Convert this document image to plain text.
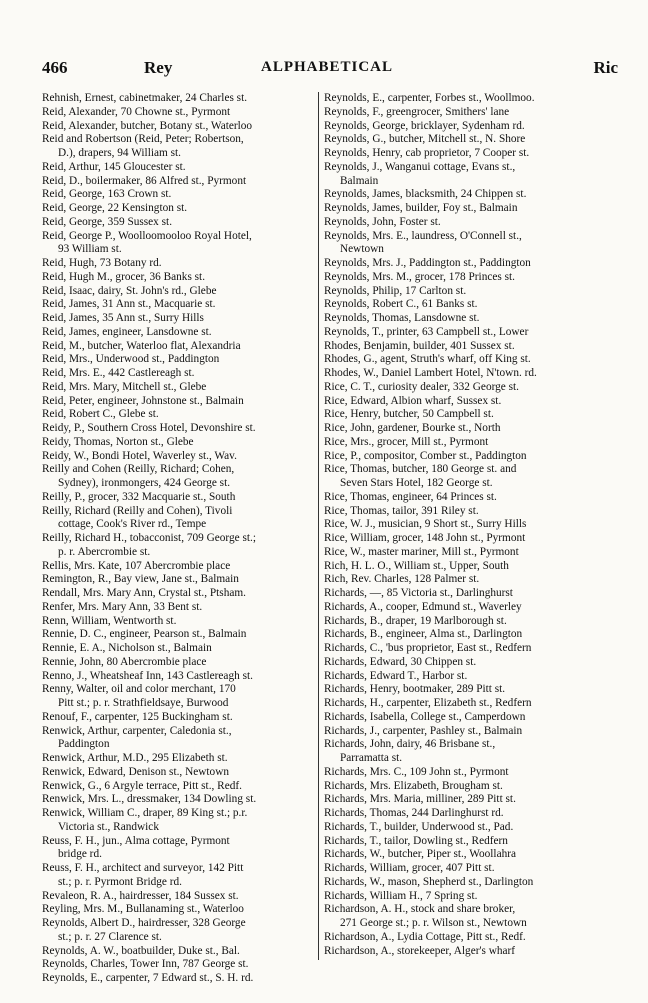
466	Rey	ALPHABETICAL	Ric
Rehnish, Ernest, cabinetmaker, 24 Charles st.
Reid, Alexander, 70 Chowne st., Pyrmont
Reid, Alexander, butcher, Botany st., Waterloo
Reid and Robertson (Reid, Peter; Robertson,
D.), drapers, 94 William st.
Reid, Arthur, 145 Gloucester st.
Reid, D., boilermaker, 86 Alfred st., Pyrmont
Reid, George, 163 Crown st.
Reid, George, 22 Kensington st.
Reid, George, 359 Sussex st.
Reid, George P., Woolloomooloo Royal Hotel,
93 William st.
Reid, Hugh, 73 Botany rd.
Reid, Hugh M., grocer, 36 Banks st.
Reid, Isaac, dairy, St. John's rd., Glebe
Reid, James, 31 Ann st., Macquarie st.
Reid, James, 35 Ann st., Surry Hills
Reid, James, engineer, Lansdowne st.
Reid, M., butcher, Waterloo flat, Alexandria
Reid, Mrs., Underwood st., Paddington
Reid, Mrs. E., 442 Castlereagh st.
Reid, Mrs. Mary, Mitchell st., Glebe
Reid, Peter, engineer, Johnstone st., Balmain
Reid, Robert C., Glebe st.
Reidy, P., Southern Cross Hotel, Devonshire st.
Reidy, Thomas, Norton st., Glebe
Reidy, W., Bondi Hotel, Waverley st., Wav.
Reilly and Cohen (Reilly, Richard; Cohen,
Sydney), ironmongers, 424 George st.
Reilly, P., grocer, 332 Macquarie st., South
Reilly, Richard (Reilly and Cohen), Tivoli
cottage, Cook's River rd., Tempe
Reilly, Richard H., tobacconist, 709 George st.;
p. r. Abercrombie st.
Rellis, Mrs. Kate, 107 Abercrombie place
Remington, R., Bay view, Jane st., Balmain
Rendall, Mrs. Mary Ann, Crystal st., Ptsham.
Renfer, Mrs. Mary Ann, 33 Bent st.
Renn, William, Wentworth st.
Rennie, D. C., engineer, Pearson st., Balmain
Rennie, E. A., Nicholson st., Balmain
Rennie, John, 80 Abercrombie place
Renno, J., Wheatsheaf Inn, 143 Castlereagh st.
Renny, Walter, oil and color merchant, 170
Pitt st.; p. r. Strathfieldsaye, Burwood
Renouf, F., carpenter, 125 Buckingham st.
Renwick, Arthur, carpenter, Caledonia st.,
Paddington
Renwick, Arthur, M.D., 295 Elizabeth st.
Renwick, Edward, Denison st., Newtown
Renwick, G., 6 Argyle terrace, Pitt st., Redf.
Renwick, Mrs. L., dressmaker, 134 Dowling st.
Renwick, William C., draper, 89 King st.; p.r.
Victoria st., Randwick
Reuss, F. H., jun., Alma cottage, Pyrmont
bridge rd.
Reuss, F. H., architect and surveyor, 142 Pitt
st.; p. r. Pyrmont Bridge rd.
Revaleon, R. A., hairdresser, 184 Sussex st.
Reyling, Mrs. M., Bullanaming st., Waterloo
Reynolds, Albert D., hairdresser, 328 George
st.; p. r. 27 Clarence st.
Reynolds, A. W., boatbuilder, Duke st., Bal.
Reynolds, Charles, Tower Inn, 787 George st.
Reynolds, E., carpenter, 7 Edward st., S. H. rd.
Reynolds, E., carpenter, Forbes st., Woollmoo.
Reynolds, F., greengrocer, Smithers' lane
Reynolds, George, bricklayer, Sydenham rd.
Reynolds, G., butcher, Mitchell st., N. Shore
Reynolds, Henry, cab proprietor, 7 Cooper st.
Reynolds, J., Wanganui cottage, Evans st.,
Balmain
Reynolds, James, blacksmith, 24 Chippen st.
Reynolds, James, builder, Foy st., Balmain
Reynolds, John, Foster st.
Reynolds, Mrs. E., laundress, O'Connell st.,
Newtown
Reynolds, Mrs. J., Paddington st., Paddington
Reynolds, Mrs. M., grocer, 178 Princes st.
Reynolds, Philip, 17 Carlton st.
Reynolds, Robert C., 61 Banks st.
Reynolds, Thomas, Lansdowne st.
Reynolds, T., printer, 63 Campbell st., Lower
Rhodes, Benjamin, builder, 401 Sussex st.
Rhodes, G., agent, Struth's wharf, off King st.
Rhodes, W., Daniel Lambert Hotel, N'town. rd.
Rice, C. T., curiosity dealer, 332 George st.
Rice, Edward, Albion wharf, Sussex st.
Rice, Henry, butcher, 50 Campbell st.
Rice, John, gardener, Bourke st., North
Rice, Mrs., grocer, Mill st., Pyrmont
Rice, P., compositor, Comber st., Paddington
Rice, Thomas, butcher, 180 George st. and
Seven Stars Hotel, 182 George st.
Rice, Thomas, engineer, 64 Princes st.
Rice, Thomas, tailor, 391 Riley st.
Rice, W. J., musician, 9 Short st., Surry Hills
Rice, William, grocer, 148 John st., Pyrmont
Rice, W., master mariner, Mill st., Pyrmont
Rich, H. L. O., William st., Upper, South
Rich, Rev. Charles, 128 Palmer st.
Richards, —, 85 Victoria st., Darlinghurst
Richards, A., cooper, Edmund st., Waverley
Richards, B., draper, 19 Marlborough st.
Richards, B., engineer, Alma st., Darlington
Richards, C., 'bus proprietor, East st., Redfern
Richards, Edward, 30 Chippen st.
Richards, Edward T., Harbor st.
Richards, Henry, bootmaker, 289 Pitt st.
Richards, H., carpenter, Elizabeth st., Redfern
Richards, Isabella, College st., Camperdown
Richards, J., carpenter, Pashley st., Balmain
Richards, John, dairy, 46 Brisbane st.,
Parramatta st.
Richards, Mrs. C., 109 John st., Pyrmont
Richards, Mrs. Elizabeth, Brougham st.
Richards, Mrs. Maria, milliner, 289 Pitt st.
Richards, Thomas, 244 Darlinghurst rd.
Richards, T., builder, Underwood st., Pad.
Richards, T., tailor, Dowling st., Redfern
Richards, W., butcher, Piper st., Woollahra
Richards, William, grocer, 407 Pitt st.
Richards, W., mason, Shepherd st., Darlington
Richards, William H., 7 Spring st.
Richardson, A. H., stock and share broker,
271 George st.; p. r. Wilson st., Newtown
Richardson, A., Lydia Cottage, Pitt st., Redf.
Richardson, A., storekeeper, Alger's wharf
